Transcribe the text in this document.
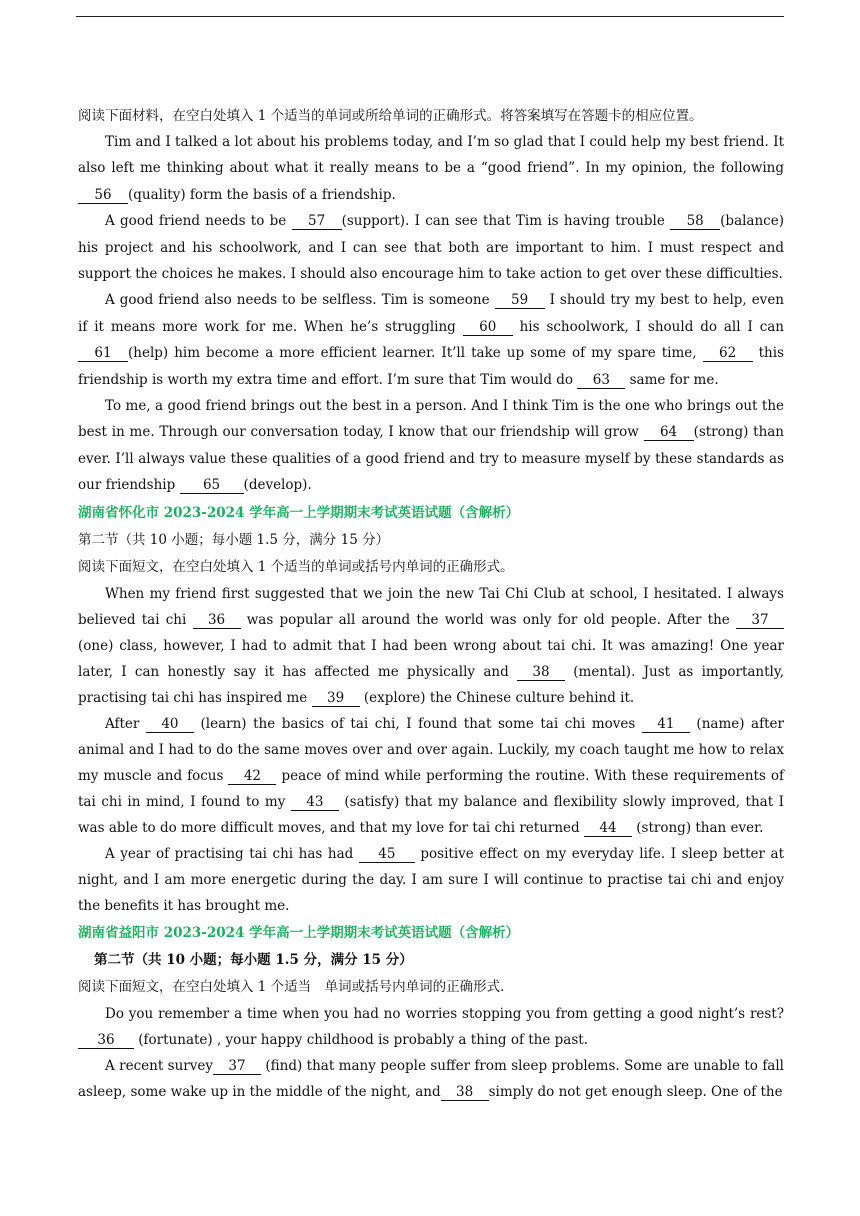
阅读下面材料，在空白处填入 1 个适当的单词或所给单词的正确形式。将答案填写在答题卡的相应位置。

Tim and I talked a lot about his problems today, and I’m so glad that I could help my best friend. It also left me thinking about what it really means to be a “good friend”. In my opinion, the following 56 (quality) form the basis of a friendship.

A good friend needs to be 57 (support). I can see that Tim is having trouble 58 (balance) his project and his schoolwork, and I can see that both are important to him. I must respect and support the choices he makes. I should also encourage him to take action to get over these difficulties.

A good friend also needs to be selfless. Tim is someone 59 I should try my best to help, even if it means more work for me. When he’s struggling 60 his schoolwork, I should do all I can 61 (help) him become a more efficient learner. It’ll take up some of my spare time, 62 this friendship is worth my extra time and effort. I’m sure that Tim would do 63 same for me.

To me, a good friend brings out the best in a person. And I think Tim is the one who brings out the best in me. Through our conversation today, I know that our friendship will grow 64 (strong) than ever. I’ll always value these qualities of a good friend and try to measure myself by these standards as our friendship 65 (develop).

湖南省怀化市 2023-2024 学年高一上学期期末考试英语试题（含解析）

第二节（共 10 小题；每小题 1.5 分，满分 15 分）

阅读下面短文，在空白处填入 1 个适当的单词或括号内单词的正确形式。

When my friend first suggested that we join the new Tai Chi Club at school, I hesitated. I always believed tai chi 36 was popular all around the world was only for old people. After the 37 (one) class, however, I had to admit that I had been wrong about tai chi. It was amazing! One year later, I can honestly say it has affected me physically and 38 (mental). Just as importantly, practising tai chi has inspired me 39 (explore) the Chinese culture behind it.

After 40 (learn) the basics of tai chi, I found that some tai chi moves 41 (name) after animal and I had to do the same moves over and over again. Luckily, my coach taught me how to relax my muscle and focus 42 peace of mind while performing the routine. With these requirements of tai chi in mind, I found to my 43 (satisfy) that my balance and flexibility slowly improved, that I was able to do more difficult moves, and that my love for tai chi returned 44 (strong) than ever.

A year of practising tai chi has had 45 positive effect on my everyday life. I sleep better at night, and I am more energetic during the day. I am sure I will continue to practise tai chi and enjoy the benefits it has brought me.

湖南省益阳市 2023-2024 学年高一上学期期末考试英语试题（含解析）

第二节（共 10 小题；每小题 1.5 分，满分 15 分）

阅读下面短文，在空白处填入 1 个适当　单词或括号内单词的正确形式.

Do you remember a time when you had no worries stopping you from getting a good night’s rest?36 (fortunate) , your happy childhood is probably a thing of the past.

A recent survey 37 (find) that many people suffer from sleep problems. Some are unable to fall asleep, some wake up in the middle of the night, and 38 simply do not get enough sleep. One of the
